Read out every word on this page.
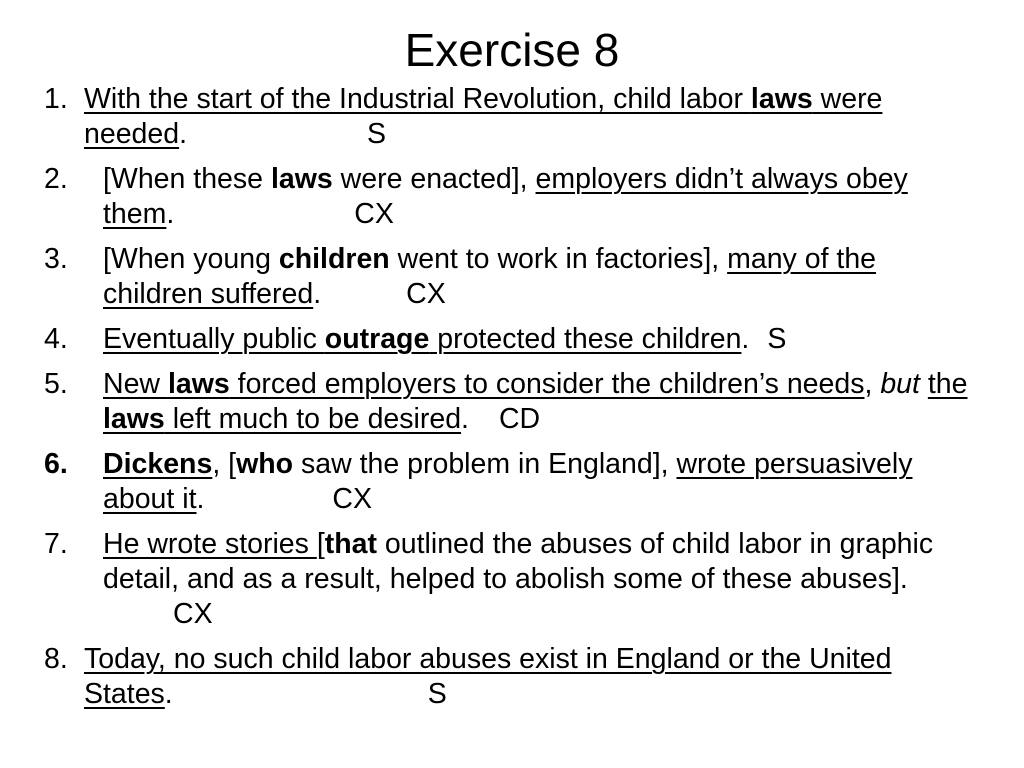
Exercise 8
1. With the start of the Industrial Revolution, child labor laws were needed.	S
2.	[When these laws were enacted], employers didn’t always obey them.	CX
3.	[When young children went to work in factories], many of the children suffered.	CX
4.	Eventually public outrage protected these children. S
5.	New laws forced employers to consider the children’s needs, but the laws left much to be desired. CD
6.	Dickens, [who saw the problem in England], wrote persuasively about it.	CX
7.	He wrote stories [that outlined the abuses of child labor in graphic detail, and as a result, helped to abolish some of these abuses].CX
8. Today, no such child labor abuses exist in England or the United States.	S
